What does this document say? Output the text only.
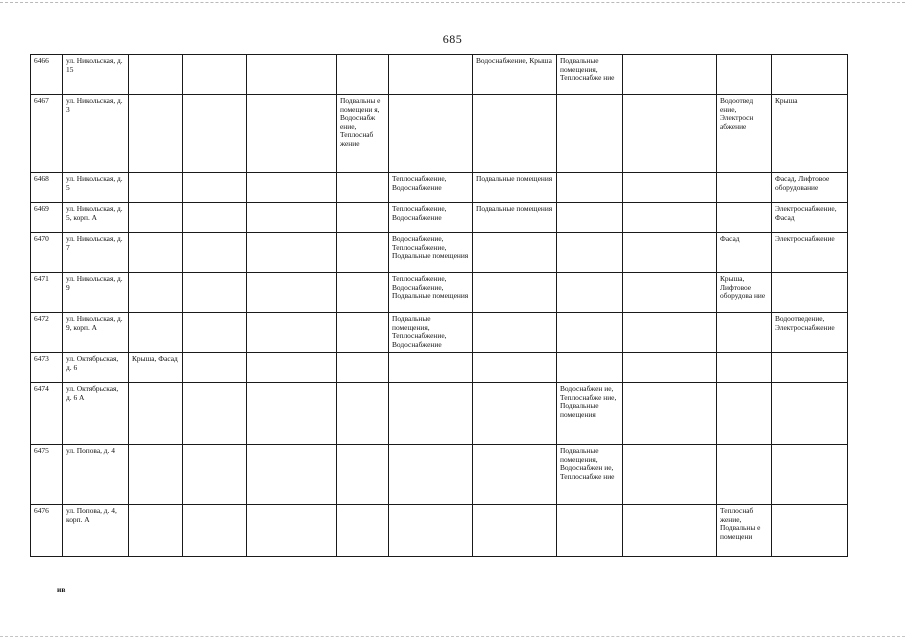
685
6466	ул. Никольская, д. 15						Водоснабжение, Крыша	Подвальные помещения, Теплоснабже ние			
6467	ул. Никольская, д. 3				Подвальны е помещени я, Водоснабж ение, Теплоснаб жение					Водоотвед ение, Электросн абжение	Крыша
6468	ул. Никольская, д. 5					Теплоснабжение, Водоснабжение	Подвальные помещения				Фасад, Лифтовое оборудование
6469	ул. Никольская, д. 5, корп. А					Теплоснабжение, Водоснабжение	Подвальные помещения				Электроснабжение, Фасад
6470	ул. Никольская, д. 7					Водоснабжение, Теплоснабжение, Подвальные помещения				Фасад	Электроснабжение
6471	ул. Никольская, д. 9					Теплоснабжение, Водоснабжение, Подвальные помещения				Крыша, Лифтовое оборудова ние	
6472	ул. Никольская, д. 9, корп. А					Подвальные помещения, Теплоснабжение, Водоснабжение					Водоотведение, Электроснабжение
6473	ул. Октябрьская, д. 6	Крыша, Фасад									
6474	ул. Октябрьская, д. 6 А							Водоснабжен ие, Теплоснабже ние, Подвальные помещения			
6475	ул. Попова, д. 4							Подвальные помещения, Водоснабжен ие, Теплоснабже ние			
6476	ул. Попова, д. 4, корп. А									Теплоснаб жение, Подвальны е помещени	
ив
